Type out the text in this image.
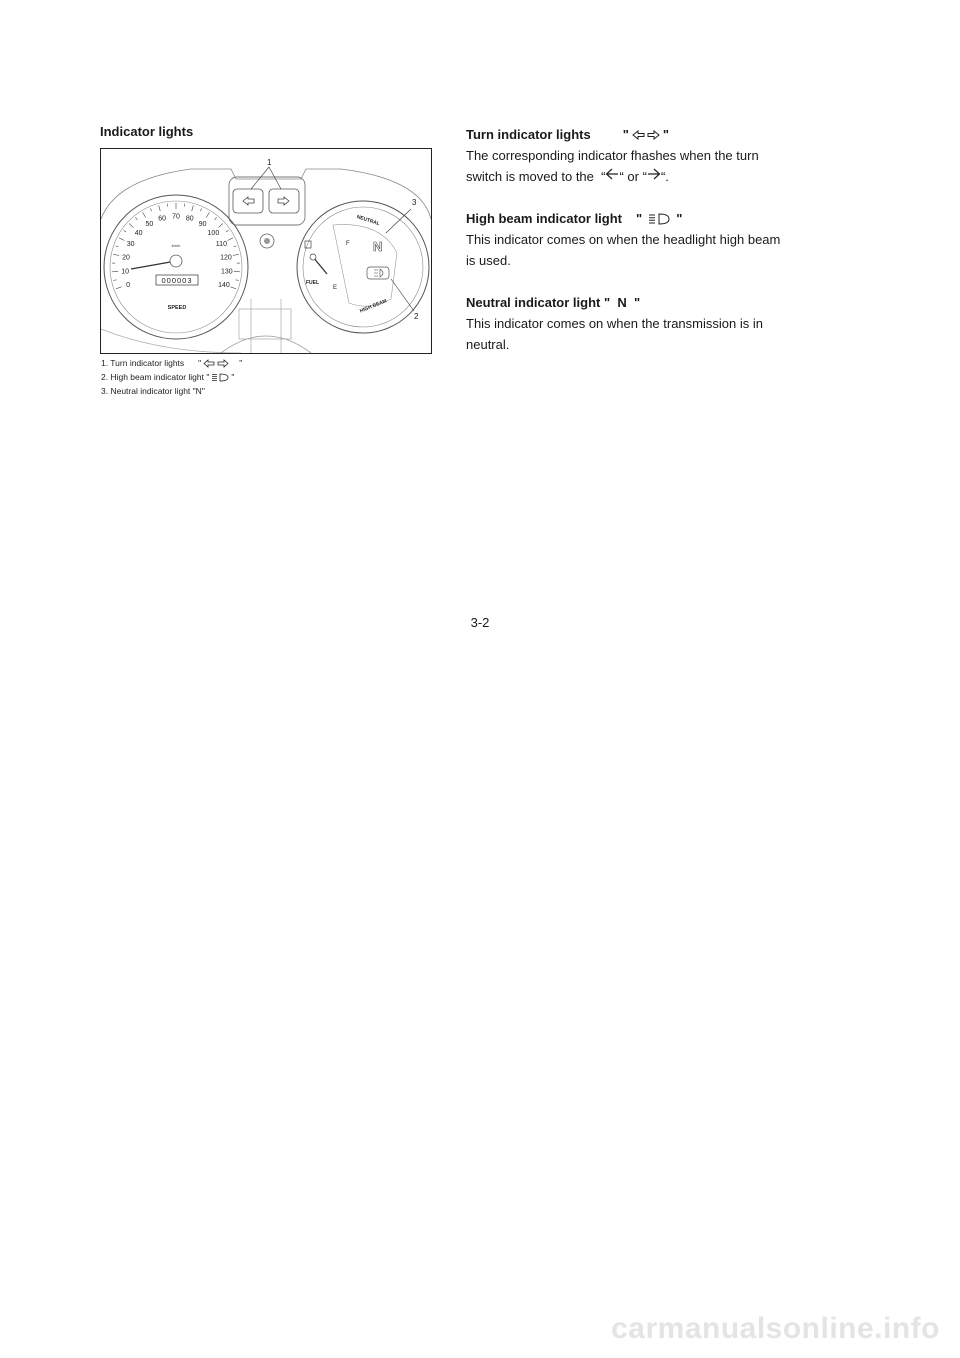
Indicator lights
0
10
20
30
40
50
60 70 80
90
100
110
120
130
140
km/h
000003
SPEED
F
E
FUEL
N
NEUTRAL
HIGH BEAM
1
3
2
1. Turn indicator lights "	"
2. High beam indicator light "	"
3. Neutral indicator light "N"
Turn indicator lights "	"
The corresponding indicator fhashes when the turn
switch is moved to the  “ “ or “ “.
High beam indicator light "	"
This indicator comes on when the headlight high beam
is used.
Neutral indicator light "  N  "
This indicator comes on when the transmission is in
neutral.
3-2
carmanualsonline.info
